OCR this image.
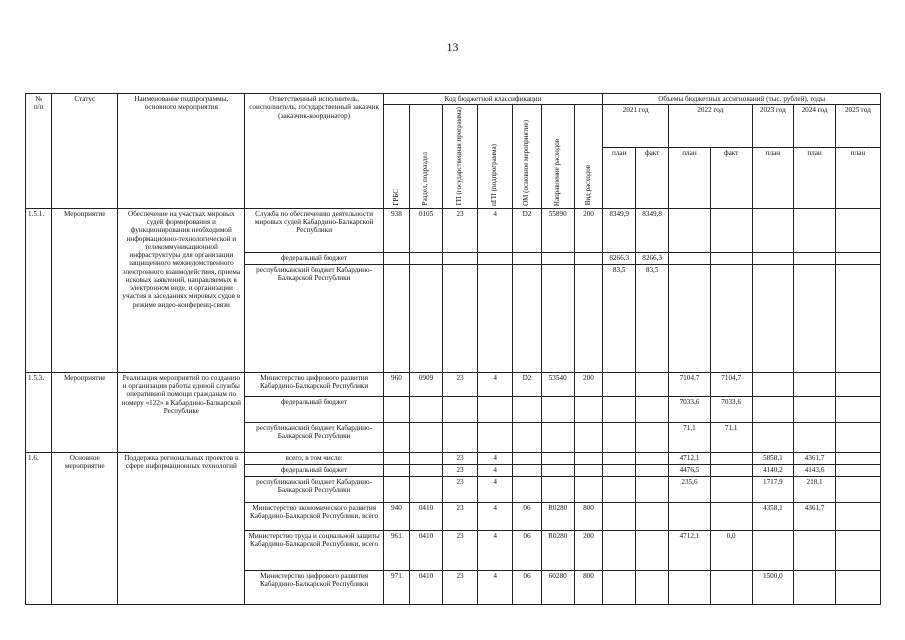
13
№
п/п	Статус	Наименование подпрограммы, основного мероприятия	Ответственный исполнитель, соисполнитель, государственный заказчик (заказчик-координатор)	Код бюджетной классификации							Объемы бюджетных ассигнований (тыс. рублей), годы						

				ГРБС	Раздел, подраздел	ГП (государственная программа)	пГП (подпрограмма)	ОМ (основное мероприятие)	Направление расходов	Вид расходов	2021 год		2022 год		2023 год	2024 год	2025 год
											план	факт	план	факт	план	план	план
1.5.1.	Мероприятие	Обеспечение на участках мировых судей формирования и функционирования необходимой информационно-технологической и телекоммуникационной инфраструктуры для организации защищенного межведомственного электронного взаимодействия, приема исковых заявлений, направляемых в электронном виде, и организации участия в заседаниях мировых судов в режиме видео-конференц-связи	Служба по обеспечению деятельности мировых судей Кабардино-Балкарской Республики	938	0105	23	4	D2	55890	200	8349,9	8349,8					
			федеральный бюджет								8266,3	8266,3					
			республиканский бюджет Кабардино-Балкарской Республики								83,5	83,5					
1.5.3.	Мероприятие	Реализация мероприятий по созданию и организации работы единой службы оперативной помощи гражданам по номеру «122» в Кабардино-Балкарской Республике	Министерство цифрового развития Кабардино-Балкарской Республики	960	0909	23	4	D2	53540	200			7104,7	7104,7			
			федеральный бюджет										7033,6	7033,6			
			республиканский бюджет Кабардино-Балкарской Республики										71,1	71,1			
1.6.	Основное мероприятие	Поддержка региональных проектов в сфере информационных технологий	всего, в том числе:			23	4						4712,1		5858,1	4361,7	
			федеральный бюджет			23	4						4476,5		4140,2	4143,6	
			республиканский бюджет Кабардино-Балкарской Республики			23	4						235,6		1717,9	218,1	
			Министерство экономического развития Кабардино-Балкарской Республики, всего	940	0410	23	4	06	R0280	800					4358,1	4361,7	
			Министерство труда и социальной защиты Кабардино-Балкарской Республики, всего	961	0410	23	4	06	R0280	200			4712,1	0,0			
			Министерство цифрового развития Кабардино-Балкарской Республики	971	0410	23	4	06	60280	800					1500,0		
